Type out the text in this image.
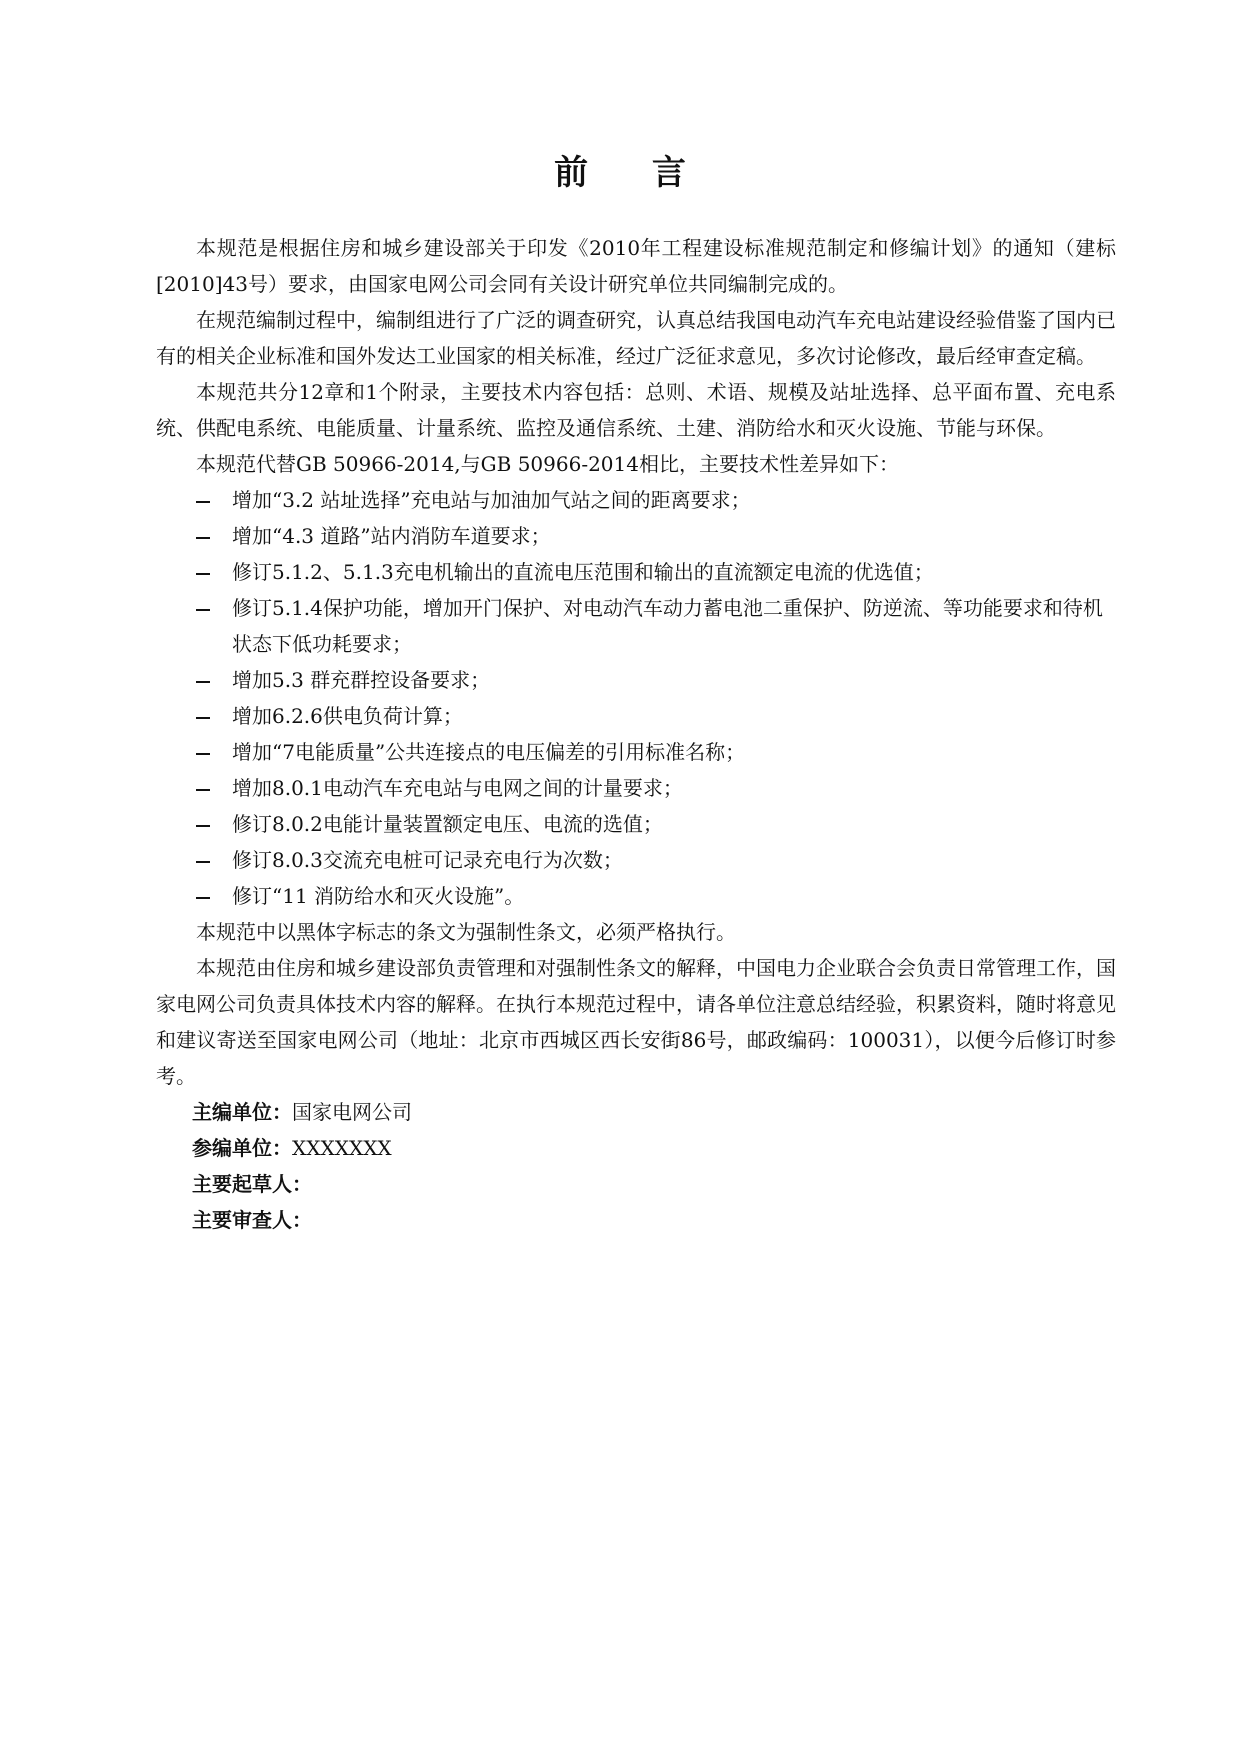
前 言

本规范是根据住房和城乡建设部关于印发《2010年工程建设标准规范制定和修编计划》的通知（建标[2010]43号）要求，由国家电网公司会同有关设计研究单位共同编制完成的。

在规范编制过程中，编制组进行了广泛的调查研究，认真总结我国电动汽车充电站建设经验借鉴了国内已有的相关企业标准和国外发达工业国家的相关标准，经过广泛征求意见，多次讨论修改，最后经审查定稿。

本规范共分12章和1个附录，主要技术内容包括：总则、术语、规模及站址选择、总平面布置、充电系统、供配电系统、电能质量、计量系统、监控及通信系统、土建、消防给水和灭火设施、节能与环保。

本规范代替GB 50966-2014,与GB 50966-2014相比，主要技术性差异如下：

增加“3.2 站址选择”充电站与加油加气站之间的距离要求；
增加“4.3 道路”站内消防车道要求；
修订5.1.2、5.1.3充电机输出的直流电压范围和输出的直流额定电流的优选值；
修订5.1.4保护功能，增加开门保护、对电动汽车动力蓄电池二重保护、防逆流、等功能要求和待机状态下低功耗要求；
增加5.3 群充群控设备要求；
增加6.2.6供电负荷计算；
增加“7电能质量”公共连接点的电压偏差的引用标准名称；
增加8.0.1电动汽车充电站与电网之间的计量要求；
修订8.0.2电能计量装置额定电压、电流的选值；
修订8.0.3交流充电桩可记录充电行为次数；
修订“11 消防给水和灭火设施”。

本规范中以黑体字标志的条文为强制性条文，必须严格执行。

本规范由住房和城乡建设部负责管理和对强制性条文的解释，中国电力企业联合会负责日常管理工作，国家电网公司负责具体技术内容的解释。在执行本规范过程中，请各单位注意总结经验，积累资料，随时将意见和建议寄送至国家电网公司（地址：北京市西城区西长安街86号，邮政编码：100031），以便今后修订时参考。

主编单位：国家电网公司

参编单位：XXXXXXX

主要起草人：

主要审查人：
